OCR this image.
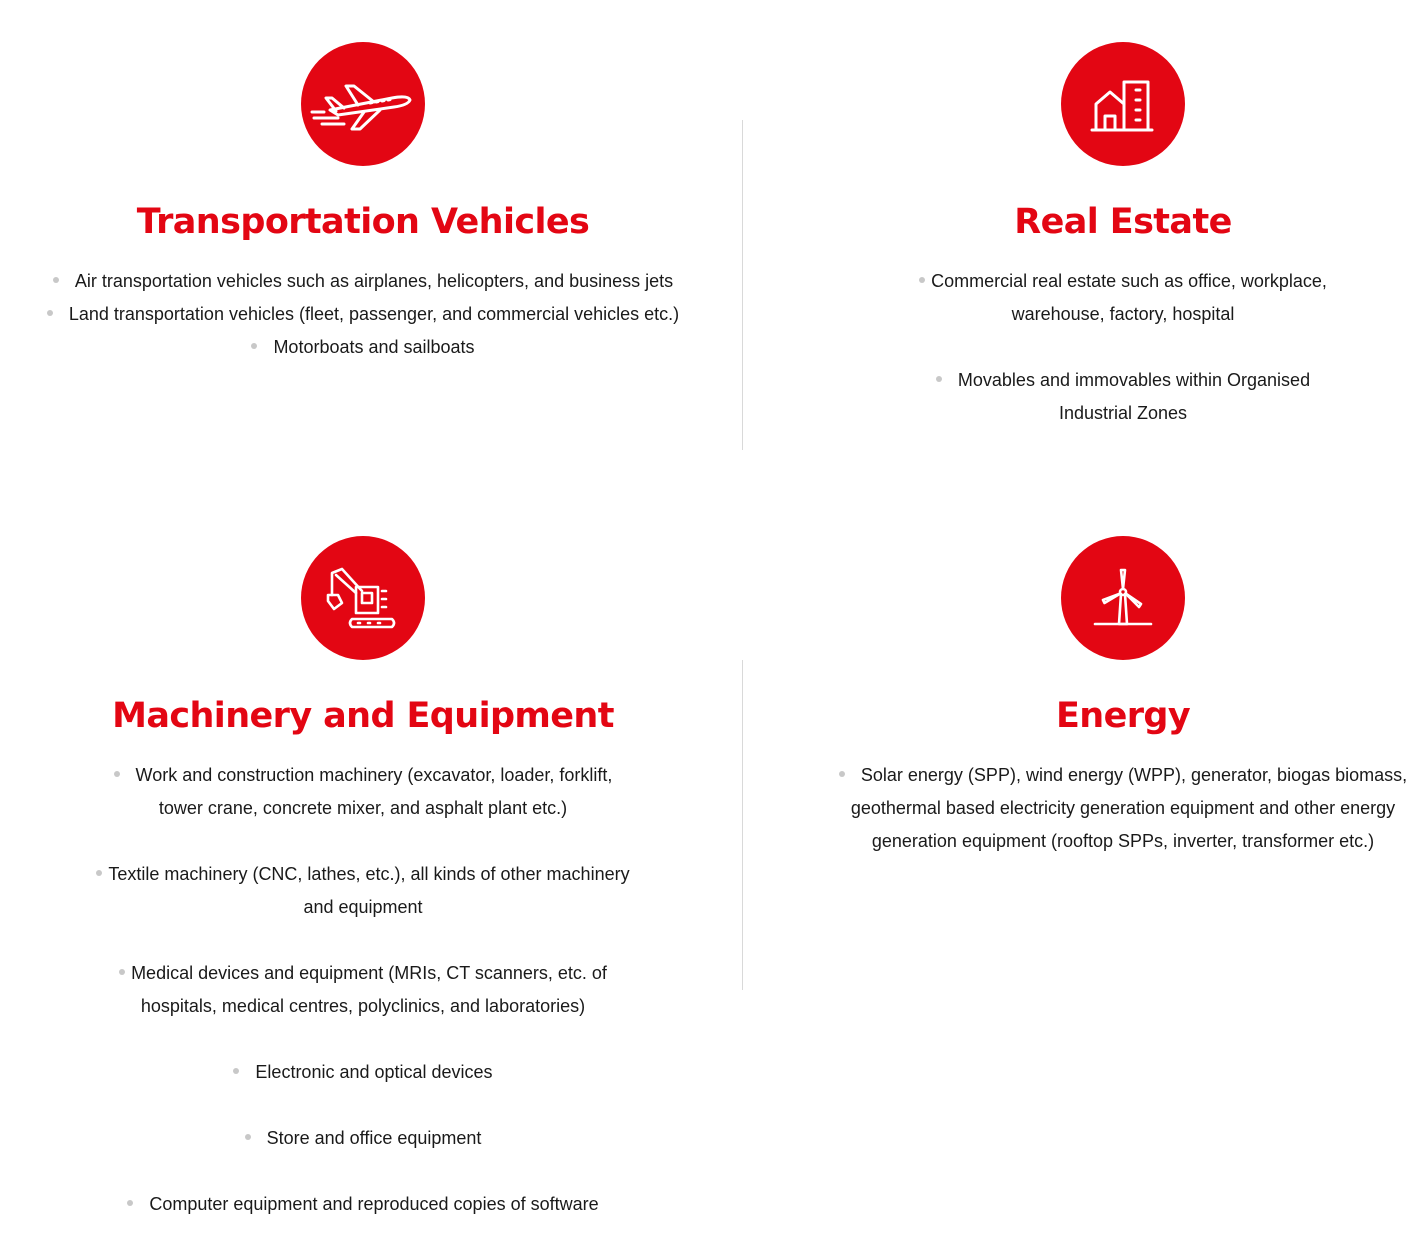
Transportation Vehicles
Air transportation vehicles such as airplanes, helicopters, and business jets
Land transportation vehicles (fleet, passenger, and commercial vehicles etc.)
Motorboats and sailboats
Real Estate
Commercial real estate such as office, workplace,
warehouse, factory, hospital
Movables and immovables within Organised
Industrial Zones
Machinery and Equipment
Work and construction machinery (excavator, loader, forklift,
tower crane, concrete mixer, and asphalt plant etc.)
Textile machinery (CNC, lathes, etc.), all kinds of other machinery
and equipment
Medical devices and equipment (MRIs, CT scanners, etc. of
hospitals, medical centres, polyclinics, and laboratories)
Electronic and optical devices
Store and office equipment
Computer equipment and reproduced copies of software
Energy
Solar energy (SPP), wind energy (WPP), generator, biogas biomass,
geothermal based electricity generation equipment and other energy
generation equipment (rooftop SPPs, inverter, transformer etc.)
